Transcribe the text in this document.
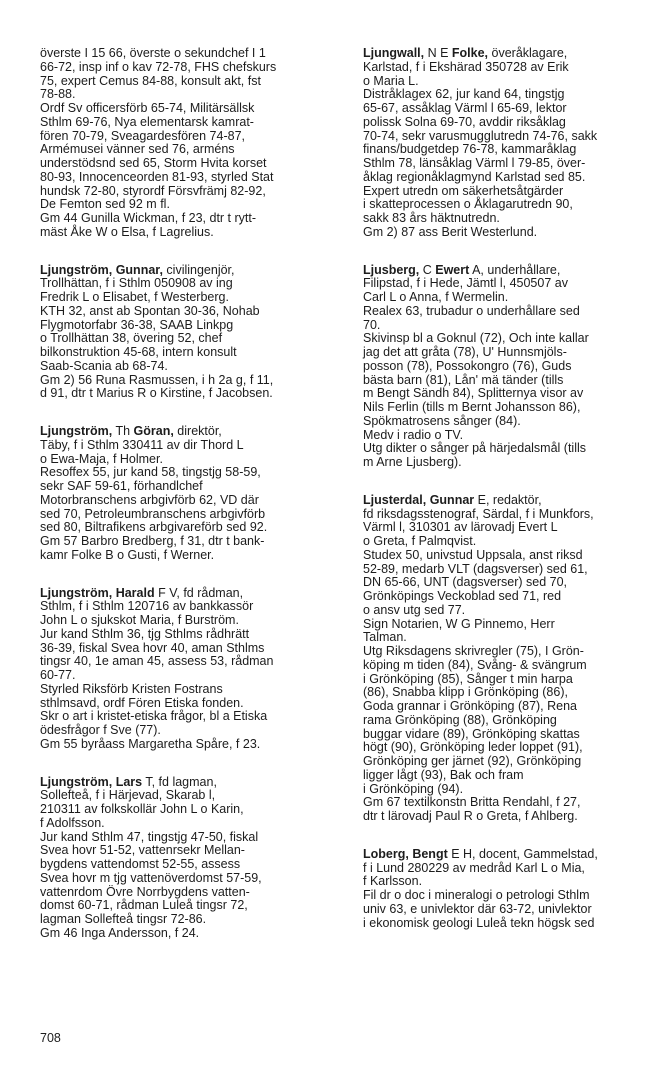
överste I 15 66, överste o sekundchef I 1
66-72, insp inf o kav 72-78, FHS chefskurs
75, expert Cemus 84-88, konsult akt, fst
78-88.
Ordf Sv officersförb 65-74, Militärsällsk
Sthlm 69-76, Nya elementarsk kamrat-
fören 70-79, Sveagardesfören 74-87,
Armémusei vänner sed 76, arméns
understödsnd sed 65, Storm Hvita korset
80-93, Innocenceorden 81-93, styrled Stat
hundsk 72-80, styrordf Försvfrämj 82-92,
De Femton sed 92 m fl.
Gm 44 Gunilla Wickman, f 23, dtr t rytt-
mäst Åke W o Elsa, f Lagrelius.
Ljungström, Gunnar, civilingenjör,
Trollhättan, f i Sthlm 050908 av ing
Fredrik L o Elisabet, f Westerberg.
KTH 32, anst ab Spontan 30-36, Nohab
Flygmotorfabr 36-38, SAAB Linkpg
o Trollhättan 38, övering 52, chef
bilkonstruktion 45-68, intern konsult
Saab-Scania ab 68-74.
Gm 2) 56 Runa Rasmussen, i h 2a g, f 11,
d 91, dtr t Marius R o Kirstine, f Jacobsen.
Ljungström, Th Göran, direktör,
Täby, f i Sthlm 330411 av dir Thord L
o Ewa-Maja, f Holmer.
Resoffex 55, jur kand 58, tingstjg 58-59,
sekr SAF 59-61, förhandlchef
Motorbranschens arbgivförb 62, VD där
sed 70, Petroleumbranschens arbgivförb
sed 80, Biltrafikens arbgivareförb sed 92.
Gm 57 Barbro Bredberg, f 31, dtr t bank-
kamr Folke B o Gusti, f Werner.
Ljungström, Harald F V, fd rådman,
Sthlm, f i Sthlm 120716 av bankkassör
John L o sjukskot Maria, f Burström.
Jur kand Sthlm 36, tjg Sthlms rådhrätt
36-39, fiskal Svea hovr 40, aman Sthlms
tingsr 40, 1e aman 45, assess 53, rådman
60-77.
Styrled Riksförb Kristen Fostrans
sthlmsavd, ordf Fören Etiska fonden.
Skr o art i kristet-etiska frågor, bl a Etiska
ödesfrågor f Sve (77).
Gm 55 byråass Margaretha Spåre, f 23.
Ljungström, Lars T, fd lagman,
Sollefteå, f i Härjevad, Skarab l,
210311 av folkskollär John L o Karin,
f Adolfsson.
Jur kand Sthlm 47, tingstjg 47-50, fiskal
Svea hovr 51-52, vattenrsekr Mellan-
bygdens vattendomst 52-55, assess
Svea hovr m tjg vattenöverdomst 57-59,
vattenrdom Övre Norrbygdens vatten-
domst 60-71, rådman Luleå tingsr 72,
lagman Sollefteå tingsr 72-86.
Gm 46 Inga Andersson, f 24.
Ljungwall, N E Folke, överåklagare,
Karlstad, f i Ekshärad 350728 av Erik
o Maria L.
Distråklagex 62, jur kand 64, tingstjg
65-67, assåklag Värml l 65-69, lektor
polissk Solna 69-70, avddir riksåklag
70-74, sekr varusmugglutredn 74-76, sakk
finans/budgetdep 76-78, kammaråklag
Sthlm 78, länsåklag Värml l 79-85, över-
åklag regionåklagmynd Karlstad sed 85.
Expert utredn om säkerhetsåtgärder
i skatteprocessen o Åklagarutredn 90,
sakk 83 års häktnutredn.
Gm 2) 87 ass Berit Westerlund.
Ljusberg, C Ewert A, underhållare,
Filipstad, f i Hede, Jämtl l, 450507 av
Carl L o Anna, f Wermelin.
Realex 63, trubadur o underhållare sed
70.
Skivinsp bl a Goknul (72), Och inte kallar
jag det att gråta (78), U' Hunnsmjöls-
posson (78), Possokongro (76), Guds
bästa barn (81), Lån' mä tänder (tills
m Bengt Sändh 84), Splitternya visor av
Nils Ferlin (tills m Bernt Johansson 86),
Spökmatrosens sånger (84).
Medv i radio o TV.
Utg dikter o sånger på härjedalsmål (tills
m Arne Ljusberg).
Ljusterdal, Gunnar E, redaktör,
fd riksdagsstenograf, Särdal, f i Munkfors,
Värml l, 310301 av lärovadj Evert L
o Greta, f Palmqvist.
Studex 50, univstud Uppsala, anst riksd
52-89, medarb VLT (dagsverser) sed 61,
DN 65-66, UNT (dagsverser) sed 70,
Grönköpings Veckoblad sed 71, red
o ansv utg sed 77.
Sign Notarien, W G Pinnemo, Herr
Talman.
Utg Riksdagens skrivregler (75), I Grön-
köping m tiden (84), Svång- & svängrum
i Grönköping (85), Sånger t min harpa
(86), Snabba klipp i Grönköping (86),
Goda grannar i Grönköping (87), Rena
rama Grönköping (88), Grönköping
buggar vidare (89), Grönköping skattas
högt (90), Grönköping leder loppet (91),
Grönköping ger järnet (92), Grönköping
ligger lågt (93), Bak och fram
i Grönköping (94).
Gm 67 textilkonstn Britta Rendahl, f 27,
dtr t lärovadj Paul R o Greta, f Ahlberg.
Loberg, Bengt E H, docent, Gammelstad,
f i Lund 280229 av medråd Karl L o Mia,
f Karlsson.
Fil dr o doc i mineralogi o petrologi Sthlm
univ 63, e univlektor där 63-72, univlektor
i ekonomisk geologi Luleå tekn högsk sed
708
